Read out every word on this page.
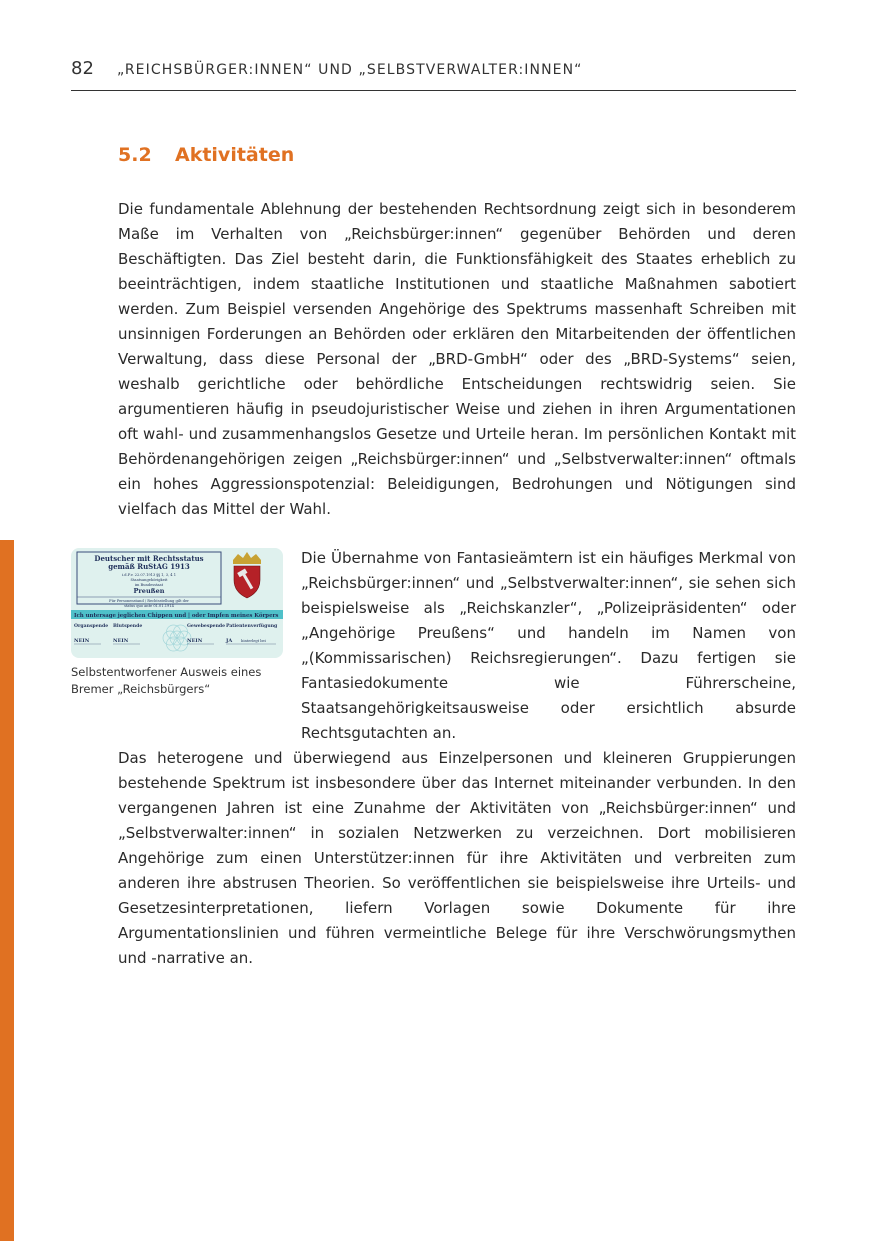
82 „REICHSBÜRGER:INNEN“ UND „SELBSTVERWALTER:INNEN“
5.2 Aktivitäten

Die fundamentale Ablehnung der bestehenden Rechtsordnung zeigt sich in besonderem Maße im Verhalten von „Reichsbürger:innen“ gegenüber Behörden und deren Beschäftigten. Das Ziel besteht darin, die Funktionsfähigkeit des Staates erheblich zu beeinträchtigen, indem staatliche Institutionen und staatliche Maßnahmen sabotiert werden. Zum Beispiel versenden Angehörige des Spektrums massenhaft Schreiben mit unsinnigen Forderungen an Behörden oder erklären den Mitarbeitenden der öffentlichen Verwaltung, dass diese Personal der „BRD-GmbH“ oder des „BRD-Systems“ seien, weshalb gerichtliche oder behördliche Entscheidungen rechtswidrig seien. Sie argumentieren häufig in pseudojuristischer Weise und ziehen in ihren Argumentationen oft wahl- und zusammenhangslos Gesetze und Urteile heran. Im persönlichen Kontakt mit Behördenangehörigen zeigen „Reichsbürger:innen“ und „Selbstverwalter:innen“ oftmals ein hohes Aggressionspotenzial: Beleidigungen, Bedrohungen und Nötigungen sind vielfach das Mittel der Wahl.

Deutscher mit Rechtsstatus
gemäß RuStAG 1913
i.d.F.v. 22.07.1913 §§ 1, 3, 4 1
Staatsangehörigkeit
im Bundesstaat
Preußen
Für Personenstand / Rechtsstellung gilt der
status quo ante 01.01.1914
Ich untersage jeglichen Chippen und | oder Impfen meines Körpers
Organspende Blutspende	Gewebespende Patientenverfügung
NEIN	NEIN	NEIN	JA hinterlegt bei

Selbstentworfener Ausweis eines Bremer „Reichsbürgers“

Die Übernahme von Fantasieämtern ist ein häufiges Merkmal von „Reichsbürger:innen“ und „Selbstverwalter:innen“, sie sehen sich beispielsweise als „Reichskanzler“, „Polizeipräsidenten“ oder „Angehörige Preußens“ und handeln im Namen von „(Kommissarischen) Reichsregierungen“. Dazu fertigen sie Fantasiedokumente wie Führerscheine, Staatsangehörigkeitsausweise oder ersichtlich absurde Rechtsgutachten an.

Das heterogene und überwiegend aus Einzelpersonen und kleineren Gruppierungen bestehende Spektrum ist insbesondere über das Internet miteinander verbunden. In den vergangenen Jahren ist eine Zunahme der Aktivitäten von „Reichsbürger:innen“ und „Selbstverwalter:innen“ in sozialen Netzwerken zu verzeichnen. Dort mobilisieren Angehörige zum einen Unterstützer:innen für ihre Aktivitäten und verbreiten zum anderen ihre abstrusen Theorien. So veröffentlichen sie beispielsweise ihre Urteils- und Gesetzesinterpretationen, liefern Vorlagen sowie Dokumente für ihre Argumentationslinien und führen vermeintliche Belege für ihre Verschwörungsmythen und -narrative an.
